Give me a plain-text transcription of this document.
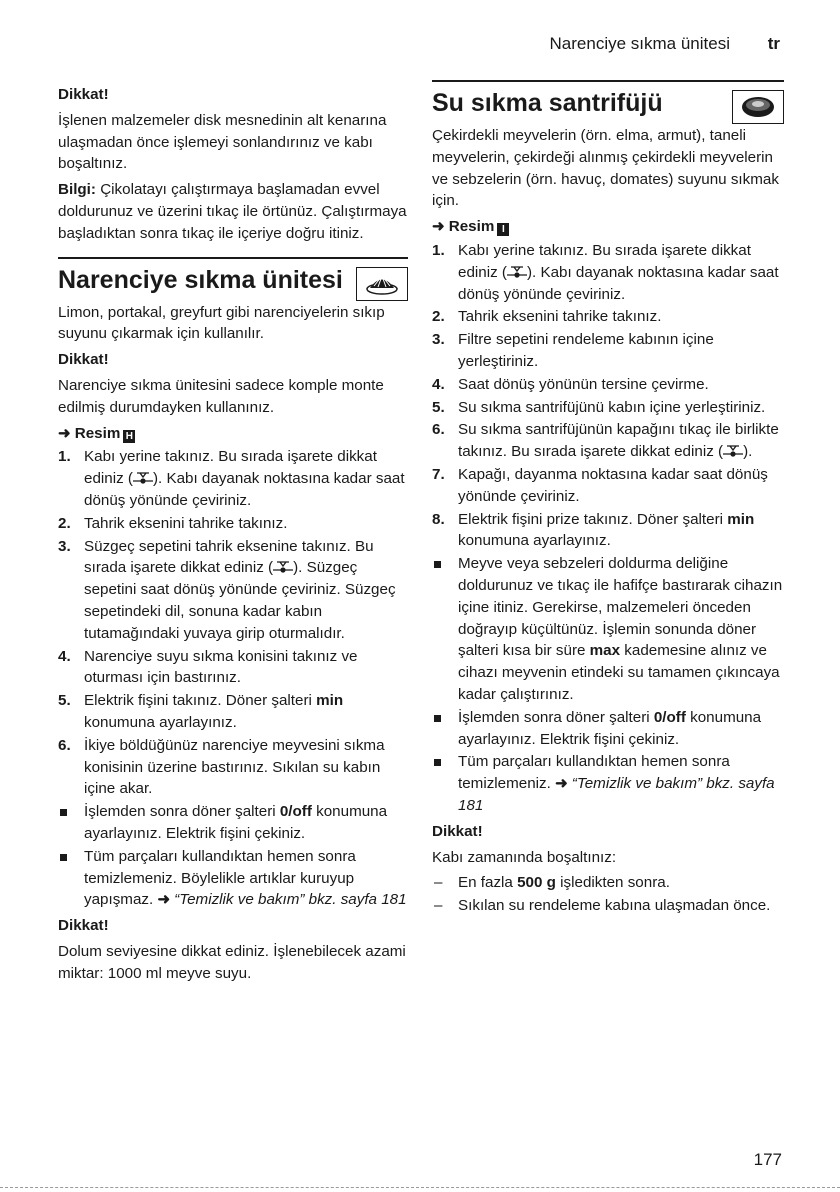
Narenciye sıkma ünitesi tr

Dikkat!

İşlenen malzemeler disk mesnedinin alt kenarına ulaşmadan önce işlemeyi sonlandırınız ve kabı boşaltınız.

Bilgi: Çikolatayı çalıştırmaya başlamadan evvel doldurunuz ve üzerini tıkaç ile örtünüz. Çalıştırmaya başladıktan sonra tıkaç ile içeriye doğru itiniz.

Narenciye sıkma ünitesi

Limon, portakal, greyfurt gibi narenciyelerin sıkıp suyunu çıkarmak için kullanılır.

Dikkat!

Narenciye sıkma ünitesini sadece komple monte edilmiş durumdayken kullanınız.

➜ Resim H

1. Kabı yerine takınız. Bu sırada işarete dikkat ediniz ( ). Kabı dayanak noktasına kadar saat dönüş yönünde çeviriniz.
2. Tahrik eksenini tahrike takınız.
3. Süzgeç sepetini tahrik eksenine takınız. Bu sırada işarete dikkat ediniz ( ). Süzgeç sepetini saat dönüş yönünde çeviriniz. Süzgeç sepetindeki dil, sonuna kadar kabın tutamağındaki yuvaya girip oturmalıdır.
4. Narenciye suyu sıkma konisini takınız ve oturması için bastırınız.
5. Elektrik fişini takınız. Döner şalteri min konumuna ayarlayınız.
6. İkiye böldüğünüz narenciye meyvesini sıkma konisinin üzerine bastırınız. Sıkılan su kabın içine akar.
İşlemden sonra döner şalteri 0/off konumuna ayarlayınız. Elektrik fişini çekiniz.
Tüm parçaları kullandıktan hemen sonra temizlemeniz. Böylelikle artıklar kuruyup yapışmaz. ➜ “Temizlik ve bakım” bkz. sayfa 181

Dikkat!

Dolum seviyesine dikkat ediniz. İşlenebilecek azami miktar: 1000 ml meyve suyu.

Su sıkma santrifüjü

Çekirdekli meyvelerin (örn. elma, armut), taneli meyvelerin, çekirdeği alınmış çekirdekli meyvelerin ve sebzelerin (örn. havuç, domates) suyunu sıkmak için.

➜ Resim I

1. Kabı yerine takınız. Bu sırada işarete dikkat ediniz ( ). Kabı dayanak noktasına kadar saat dönüş yönünde çeviriniz.
2. Tahrik eksenini tahrike takınız.
3. Filtre sepetini rendeleme kabının içine yerleştiriniz.
4. Saat dönüş yönünün tersine çevirme.
5. Su sıkma santrifüjünü kabın içine yerleştiriniz.
6. Su sıkma santrifüjünün kapağını tıkaç ile birlikte takınız. Bu sırada işarete dikkat ediniz ( ).
7. Kapağı, dayanma noktasına kadar saat dönüş yönünde çeviriniz.
8. Elektrik fişini prize takınız. Döner şalteri min konumuna ayarlayınız.
Meyve veya sebzeleri doldurma deliğine doldurunuz ve tıkaç ile hafifçe bastırarak cihazın içine itiniz. Gerekirse, malzemeleri önceden doğrayıp küçültünüz. İşlemin sonunda döner şalteri kısa bir süre max kademesine alınız ve cihazı meyvenin etindeki su tamamen çıkıncaya kadar çalıştırınız.
İşlemden sonra döner şalteri 0/off konumuna ayarlayınız. Elektrik fişini çekiniz.
Tüm parçaları kullandıktan hemen sonra temizlemeniz. ➜ “Temizlik ve bakım” bkz. sayfa 181

Dikkat!

Kabı zamanında boşaltınız:

– En fazla 500 g işledikten sonra.
– Sıkılan su rendeleme kabına ulaşmadan önce.
177
